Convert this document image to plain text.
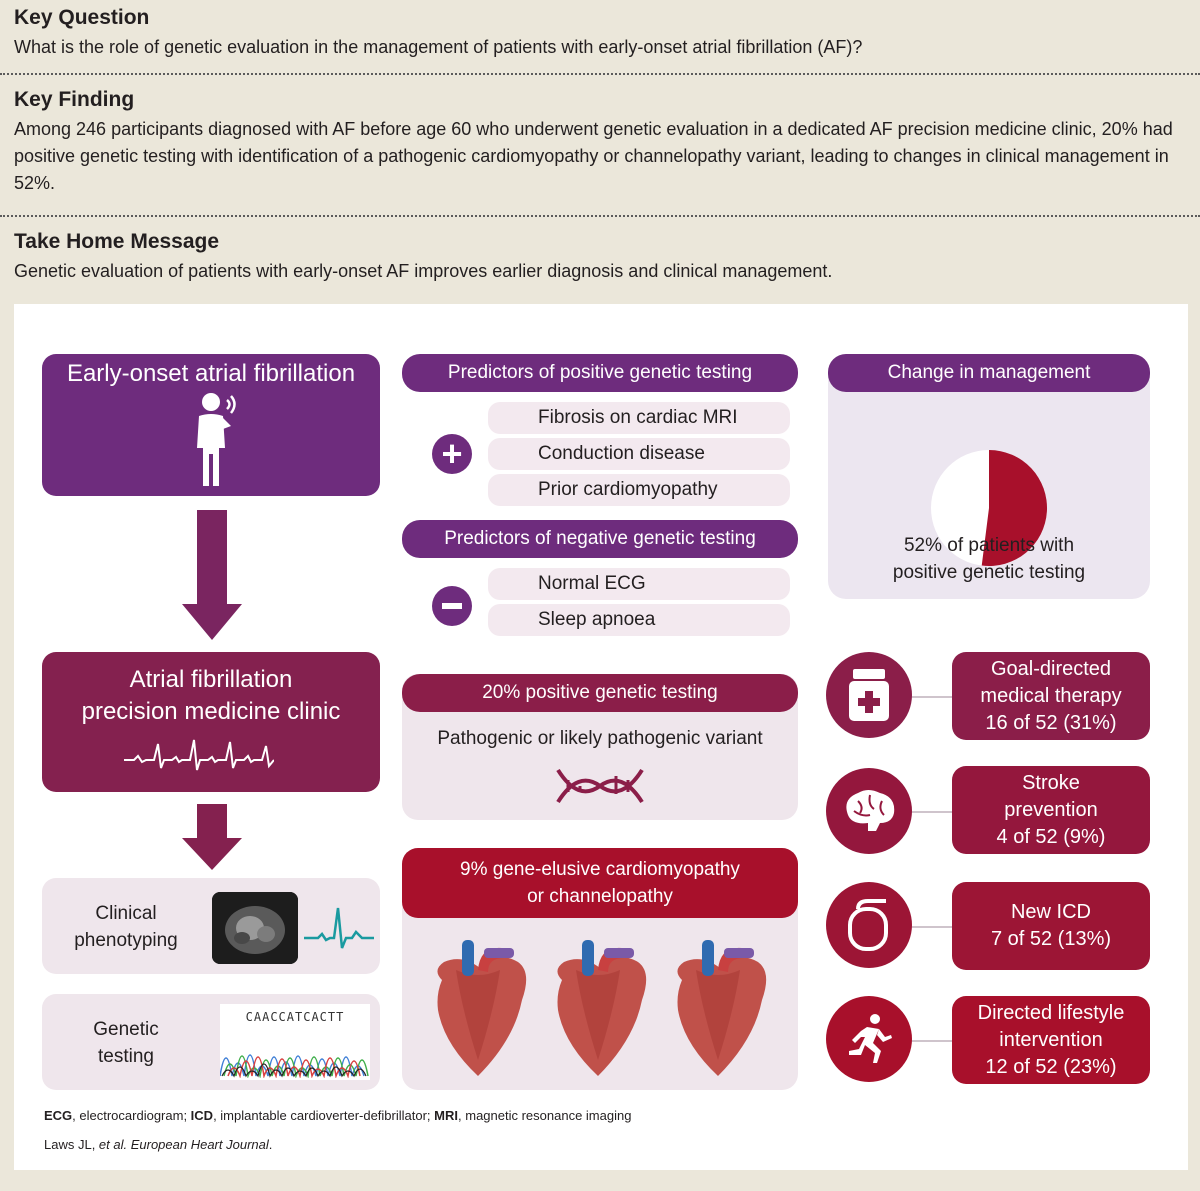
Key Question
What is the role of genetic evaluation in the management of patients with early-onset atrial fibrillation (AF)?
Key Finding
Among 246 participants diagnosed with AF before age 60 who underwent genetic evaluation in a dedicated AF precision medicine clinic, 20% had positive genetic testing with identification of a pathogenic cardiomyopathy or channelopathy variant, leading to changes in clinical management in 52%.
Take Home Message
Genetic evaluation of patients with early-onset AF improves earlier diagnosis and clinical management.
Early-onset atrial fibrillation
Atrial fibrillation
precision medicine clinic
Clinical
phenotyping
Genetic
testing
CAACCATCACTT
Predictors of positive genetic testing
+
Fibrosis on cardiac MRI
Conduction disease
Prior cardiomyopathy
Predictors of negative genetic testing
Normal ECG
Sleep apnoea
Pathogenic or likely pathogenic variant
20% positive genetic testing
9% gene-elusive cardiomyopathy
or channelopathy
52% of patients with
positive genetic testing
Change in management
Goal-directed
medical therapy
16 of 52 (31%)
Stroke
prevention
4 of 52 (9%)
New ICD
7 of 52 (13%)
Directed lifestyle
intervention
12 of 52 (23%)
ECG, electrocardiogram; ICD, implantable cardioverter-defibrillator; MRI, magnetic resonance imaging
Laws JL, et al. European Heart Journal.
